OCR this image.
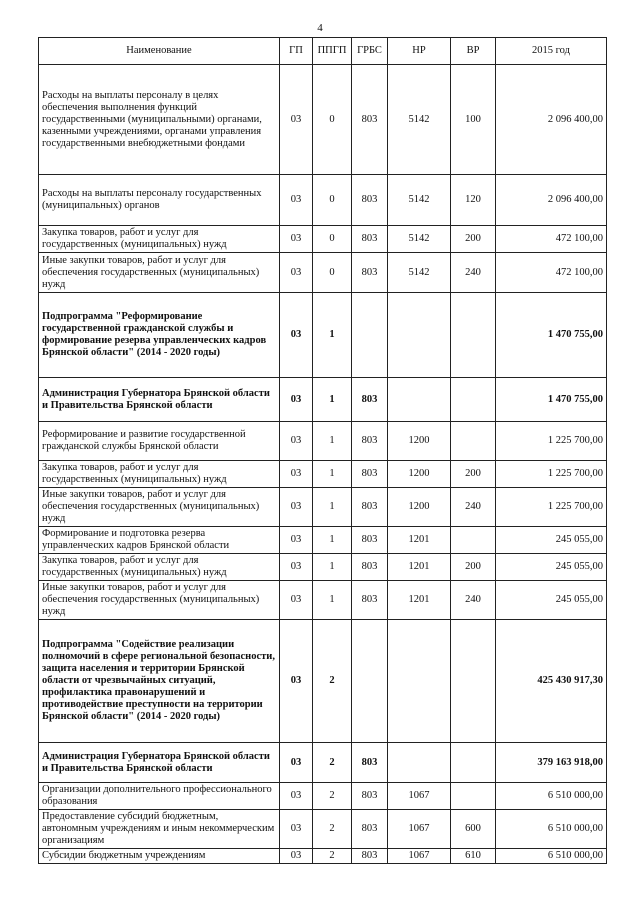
4
Наименование	ГП	ППГП	ГРБС	НР	ВР	2015 год
Расходы на выплаты персоналу в целях обеспечения выполнения функций государственными (муниципальными) органами, казенными учреждениями, органами управления государственными внебюджетными фондами	03	0	803	5142	100	2 096 400,00
Расходы на выплаты персоналу государственных (муниципальных) органов	03	0	803	5142	120	2 096 400,00
Закупка товаров, работ и услуг для государственных (муниципальных) нужд	03	0	803	5142	200	472 100,00
Иные закупки товаров, работ и услуг для обеспечения государственных (муниципальных) нужд	03	0	803	5142	240	472 100,00
Подпрограмма "Реформирование государственной гражданской службы и формирование резерва управленческих кадров Брянской области" (2014 - 2020 годы)	03	1				1 470 755,00
Администрация Губернатора Брянской области и Правительства Брянской области	03	1	803			1 470 755,00
Реформирование и развитие государственной гражданской службы Брянской области	03	1	803	1200		1 225 700,00
Закупка товаров, работ и услуг для государственных (муниципальных) нужд	03	1	803	1200	200	1 225 700,00
Иные закупки товаров, работ и услуг для обеспечения государственных (муниципальных) нужд	03	1	803	1200	240	1 225 700,00
Формирование и подготовка резерва управленческих кадров Брянской области	03	1	803	1201		245 055,00
Закупка товаров, работ и услуг для государственных (муниципальных) нужд	03	1	803	1201	200	245 055,00
Иные закупки товаров, работ и услуг для обеспечения государственных (муниципальных) нужд	03	1	803	1201	240	245 055,00
Подпрограмма "Содействие реализации полномочий в сфере региональной безопасности, защита населения и территории Брянской области от чрезвычайных ситуаций, профилактика правонарушений и противодействие преступности на территории Брянской области" (2014 - 2020 годы)	03	2				425 430 917,30
Администрация Губернатора Брянской области и Правительства Брянской области	03	2	803			379 163 918,00
Организации дополнительного профессионального образования	03	2	803	1067		6 510 000,00
Предоставление субсидий бюджетным, автономным учреждениям и иным некоммерческим организациям	03	2	803	1067	600	6 510 000,00
Субсидии бюджетным учреждениям	03	2	803	1067	610	6 510 000,00
